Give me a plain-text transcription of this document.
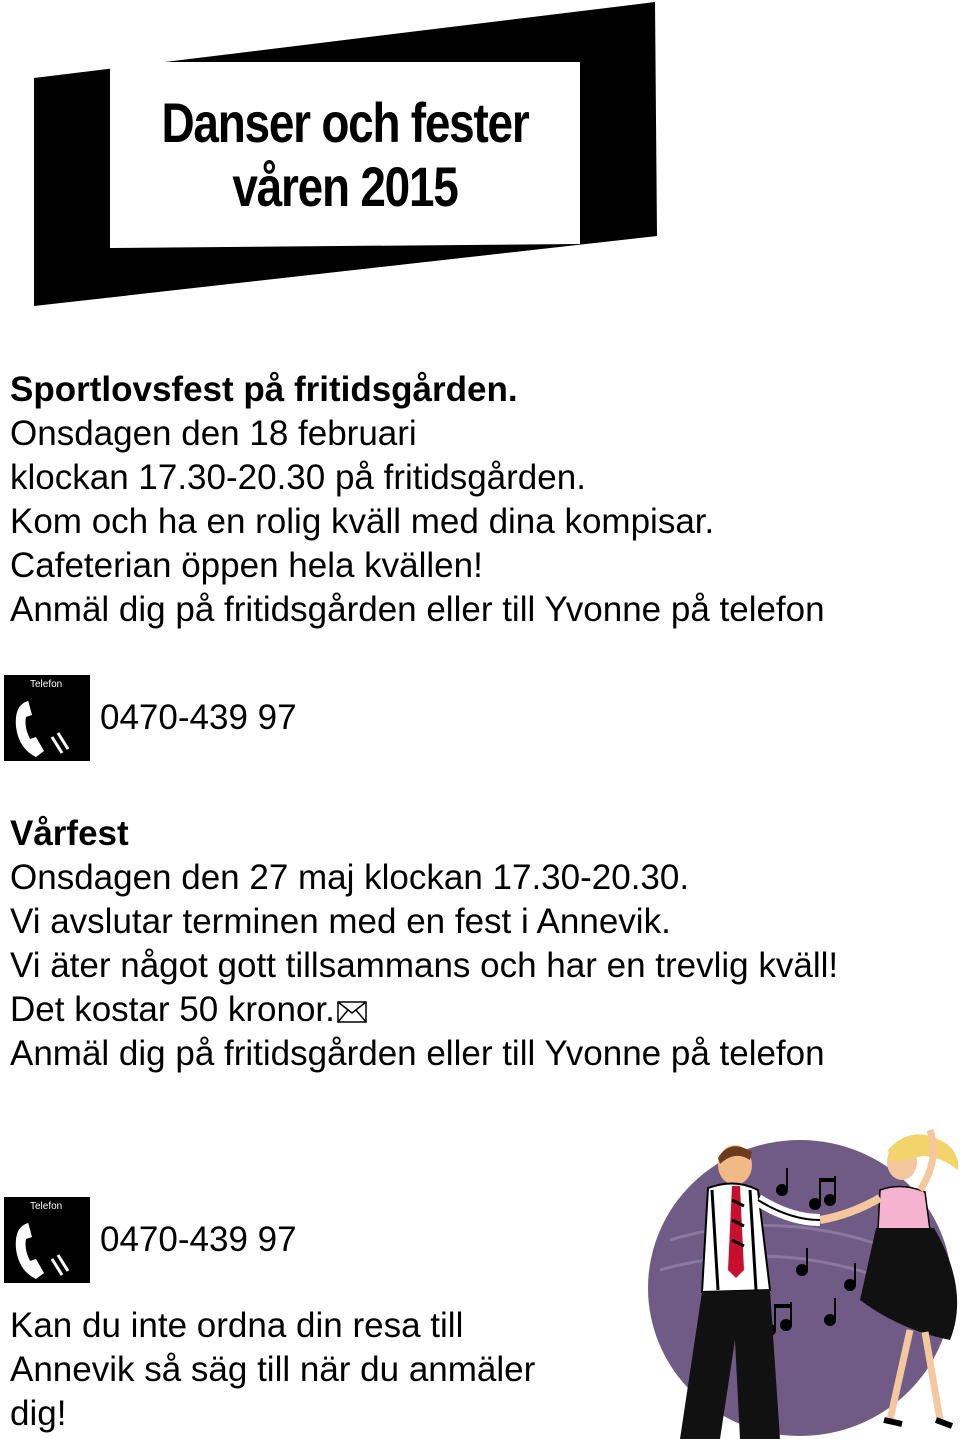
Danser och fester
våren 2015
Sportlovsfest på fritidsgården.
Onsdagen den 18 februari
klockan 17.30-20.30 på fritidsgården.
Kom och ha en rolig kväll med dina kompisar.
Cafeterian öppen hela kvällen!
Anmäl dig på fritidsgården eller till Yvonne på telefon
Telefon
0470-439 97
Vårfest
Onsdagen den 27 maj klockan 17.30-20.30.
Vi avslutar terminen med en fest i Annevik.
Vi äter något gott tillsammans och har en trevlig kväll!
Det kostar 50 kronor.
Anmäl dig på fritidsgården eller till Yvonne på telefon
Telefon
0470-439 97
Kan du inte ordna din resa till
Annevik så säg till när du anmäler
dig!
